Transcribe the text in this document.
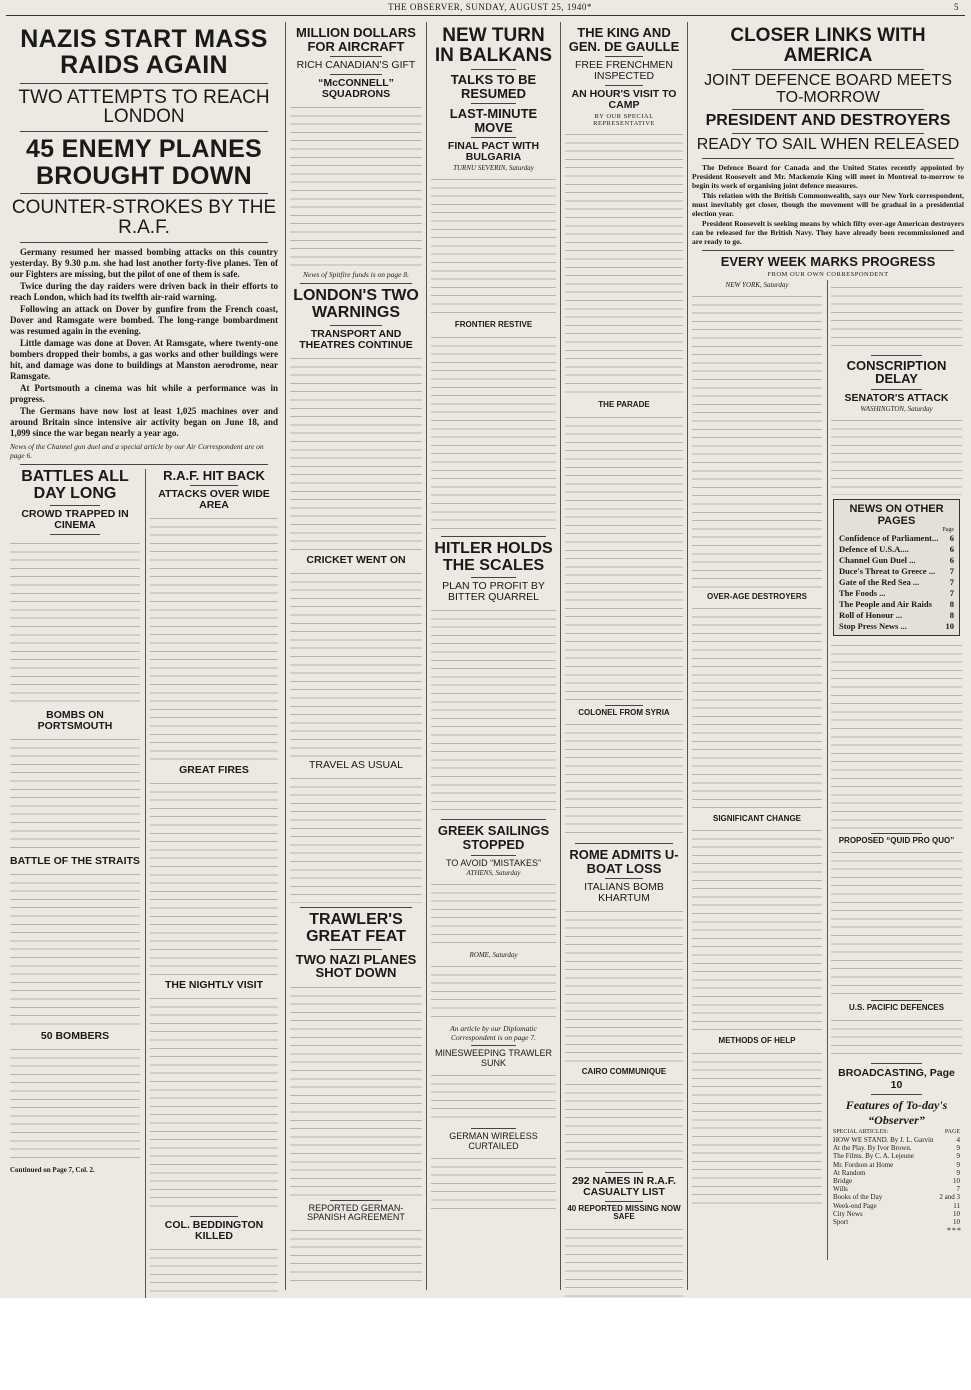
THE OBSERVER, SUNDAY, AUGUST 25, 1940*	5
NAZIS START MASS RAIDS AGAIN
TWO ATTEMPTS TO REACH LONDON
45 ENEMY PLANES BROUGHT DOWN
COUNTER-STROKES BY THE R.A.F.

Germany resumed her massed bombing attacks on this country yesterday. By 9.30 p.m. she had lost another forty-five planes. Ten of our Fighters are missing, but the pilot of one of them is safe.

Twice during the day raiders were driven back in their efforts to reach London, which had its twelfth air-raid warning.

Following an attack on Dover by gunfire from the French coast, Dover and Ramsgate were bombed. The long-range bombardment was resumed again in the evening.

Little damage was done at Dover. At Ramsgate, where twenty-one bombers dropped their bombs, a gas works and other buildings were hit, and damage was done to buildings at Manston aerodrome, near Ramsgate.

At Portsmouth a cinema was hit while a performance was in progress.

The Germans have now lost at least 1,025 machines over and around Britain since intensive air activity began on June 18, and 1,099 since the war began nearly a year ago.

News of the Channel gun duel and a special article by our Air Correspondent are on page 6.
BATTLES ALL DAY LONG
CROWD TRAPPED IN CINEMA
BOMBS ON PORTSMOUTH
BATTLE OF THE STRAITS
50 BOMBERS
Continued on Page 7, Col. 2.
R.A.F. HIT BACK
ATTACKS OVER WIDE AREA
GREAT FIRES
THE NIGHTLY VISIT
COL. BEDDINGTON KILLED
MILLION DOLLARS FOR AIRCRAFT
RICH CANADIAN'S GIFT
“McCONNELL” SQUADRONS
News of Spitfire funds is on page 8.
LONDON'S TWO WARNINGS
TRANSPORT AND THEATRES CONTINUE
CRICKET WENT ON
TRAVEL AS USUAL
TRAWLER'S GREAT FEAT
TWO NAZI PLANES SHOT DOWN
REPORTED GERMAN-SPANISH AGREEMENT
NEW TURN IN BALKANS
TALKS TO BE RESUMED
LAST-MINUTE MOVE
FINAL PACT WITH BULGARIA
TURNU SEVERIN, Saturday
FRONTIER RESTIVE
HITLER HOLDS THE SCALES
PLAN TO PROFIT BY BITTER QUARREL
GREEK SAILINGS STOPPED
TO AVOID “MISTAKES”
ATHENS, Saturday
ROME, Saturday
An article by our Diplomatic Correspondent is on page 7.
MINESWEEPING TRAWLER SUNK
GERMAN WIRELESS CURTAILED
THE KING AND GEN. DE GAULLE
FREE FRENCHMEN INSPECTED
AN HOUR'S VISIT TO CAMP
BY OUR SPECIAL REPRESENTATIVE
THE PARADE
COLONEL FROM SYRIA
ROME ADMITS U-BOAT LOSS
ITALIANS BOMB KHARTUM
CAIRO COMMUNIQUE
292 NAMES IN R.A.F. CASUALTY LIST
40 REPORTED MISSING NOW SAFE
CLOSER LINKS WITH AMERICA
JOINT DEFENCE BOARD MEETS TO-MORROW
PRESIDENT AND DESTROYERS
READY TO SAIL WHEN RELEASED

The Defence Board for Canada and the United States recently appointed by President Roosevelt and Mr. Mackenzie King will meet in Montreal to-morrow to begin its work of organising joint defence measures.

This relation with the British Commonwealth, says our New York correspondent, must inevitably get closer, though the movement will be gradual in a presidential election year.

President Roosevelt is seeking means by which fifty over-age American destroyers can be released for the British Navy. They have already been recommissioned and are ready to go.

EVERY WEEK MARKS PROGRESS
FROM OUR OWN CORRESPONDENT
NEW YORK, Saturday
OVER-AGE DESTROYERS
SIGNIFICANT CHANGE
METHODS OF HELP
CONSCRIPTION DELAY
SENATOR'S ATTACK
WASHINGTON, Saturday
NEWS ON OTHER PAGES
Page
Confidence of Parliament... 6
Defence of U.S.A....	6
Channel Gun Duel ...	6
Duce's Threat to Greece ... 7
Gate of the Red Sea ...	7
The Foods ...	7
The People and Air Raids 8
Roll of Honour ...	8
Stop Press News ...	10
PROPOSED “QUID PRO QUO”
U.S. PACIFIC DEFENCES
BROADCASTING, Page 10
Features of To-day's “Observer”
SPECIAL ARTICLES:	PAGE
HOW WE STAND. By J. L. Garvin	4
At the Play. By Ivor Brown.	9
The Films. By C. A. Lejeune	9
Mr. Fordson at Home	9
At Random	9
Bridge	10
Wills	7
Books of the Day	2 and 3
Week-end Page	11
City News	10
Sport	10
***
